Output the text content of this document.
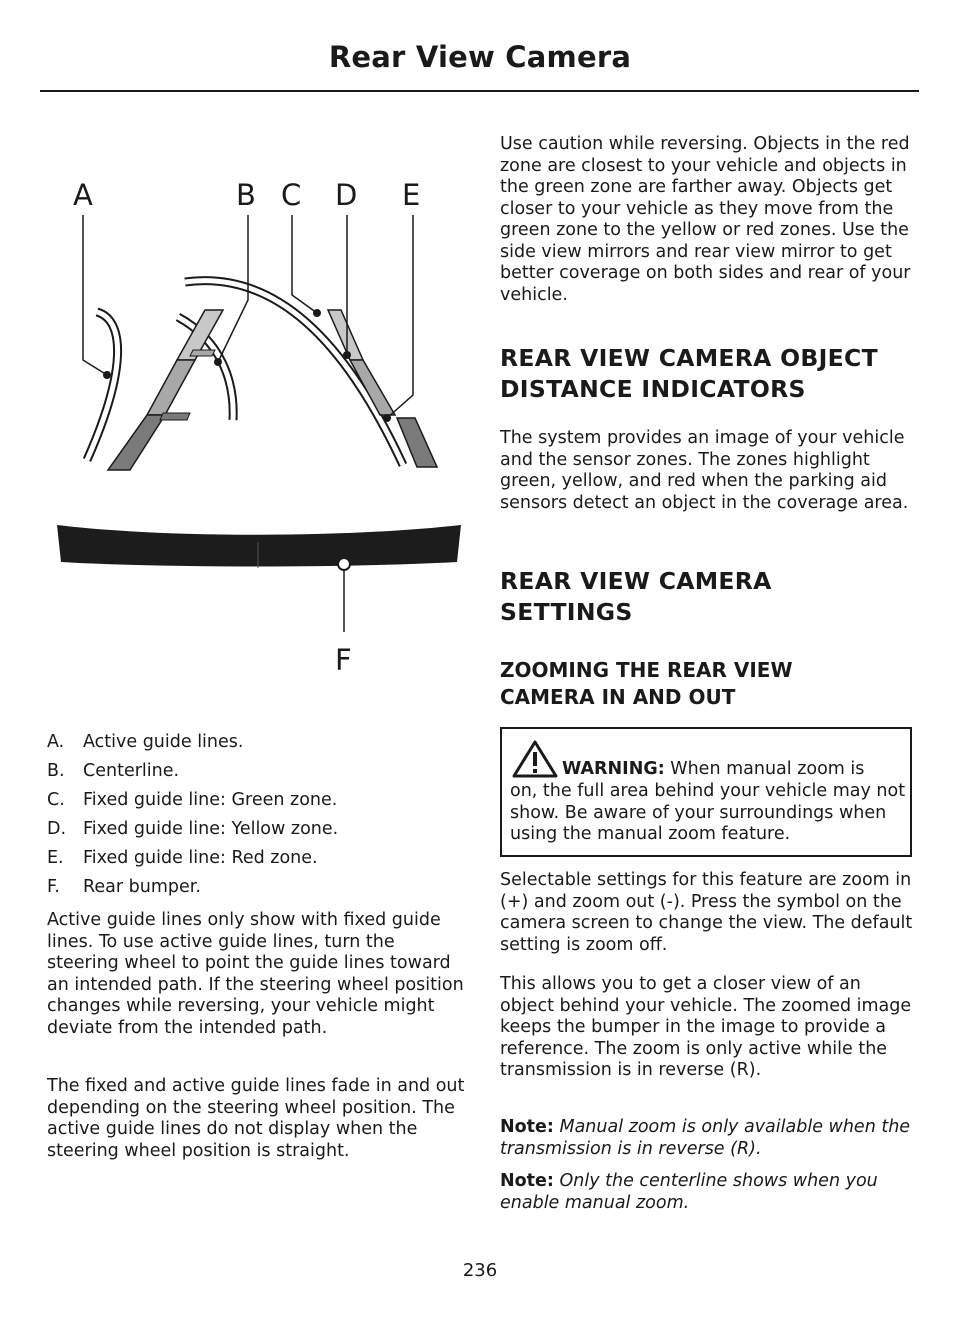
Rear View Camera
A	B C D E
F
A.	Active guide lines.
B.	Centerline.
C.	Fixed guide line: Green zone.
D. Fixed guide line: Yellow zone.
E.	Fixed guide line: Red zone.
F.	Rear bumper.

Active guide lines only show with fixed guide lines. To use active guide lines, turn the steering wheel to point the guide lines toward an intended path. If the steering wheel position changes while reversing, your vehicle might deviate from the intended path.

The fixed and active guide lines fade in and out depending on the steering wheel position. The active guide lines do not display when the steering wheel position is straight.

Use caution while reversing. Objects in the red zone are closest to your vehicle and objects in the green zone are farther away. Objects get closer to your vehicle as they move from the green zone to the yellow or red zones. Use the side view mirrors and rear view mirror to get better coverage on both sides and rear of your vehicle.

REAR VIEW CAMERA OBJECT

DISTANCE INDICATORS

The system provides an image of your vehicle and the sensor zones. The zones highlight green, yellow, and red when the parking aid sensors detect an object in the coverage area.

REAR VIEW CAMERA

SETTINGS

ZOOMING THE REAR VIEW

CAMERA IN AND OUT

WARNING: When manual zoom is

on, the full area behind your vehicle may not show. Be aware of your surroundings when using the manual zoom feature.

Selectable settings for this feature are zoom in (+) and zoom out (-). Press the symbol on the camera screen to change the view. The default setting is zoom off.

This allows you to get a closer view of an object behind your vehicle. The zoomed image keeps the bumper in the image to provide a reference. The zoom is only active while the transmission is in reverse (R).

Note: Manual zoom is only available when the transmission is in reverse (R).

Note: Only the centerline shows when you enable manual zoom.

236
